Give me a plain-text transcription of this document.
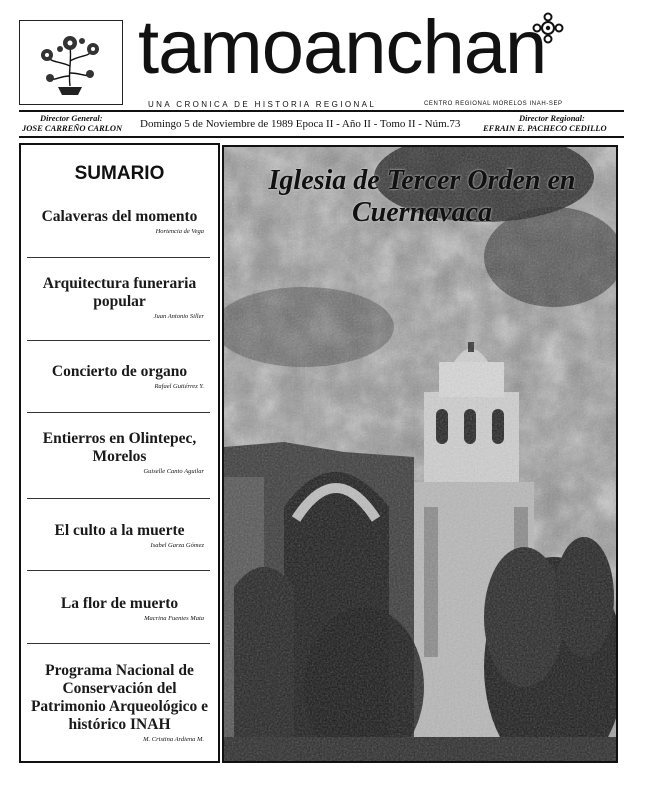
tamoanchan
UNA CRONICA DE HISTORIA REGIONAL	CENTRO REGIONAL MORELOS INAH-SEP
Director General:
JOSE CARREÑO CARLON Domingo 5 de Noviembre de 1989 Epoca II - Año II - Tomo II - Núm.73	Director Regional:
EFRAIN E. PACHECO CEDILLO
SUMARIO
Calaveras del momento
Hortencia de Vega
Arquitectura funeraria popular
Juan Antonio Siller
Concierto de organo
Rafael Gutiérrez Y.
Entierros en Olintepec, Morelos
Guiselle Canto Aguilar
El culto a la muerte
Isabel Garza Gómez
La flor de muerto
Macrina Fuentes Mata
Programa Nacional de Conservación del Patrimonio Arqueológico e histórico INAH
M. Cristina Ardiena M.
Iglesia de Tercer Orden en Cuernavaca
